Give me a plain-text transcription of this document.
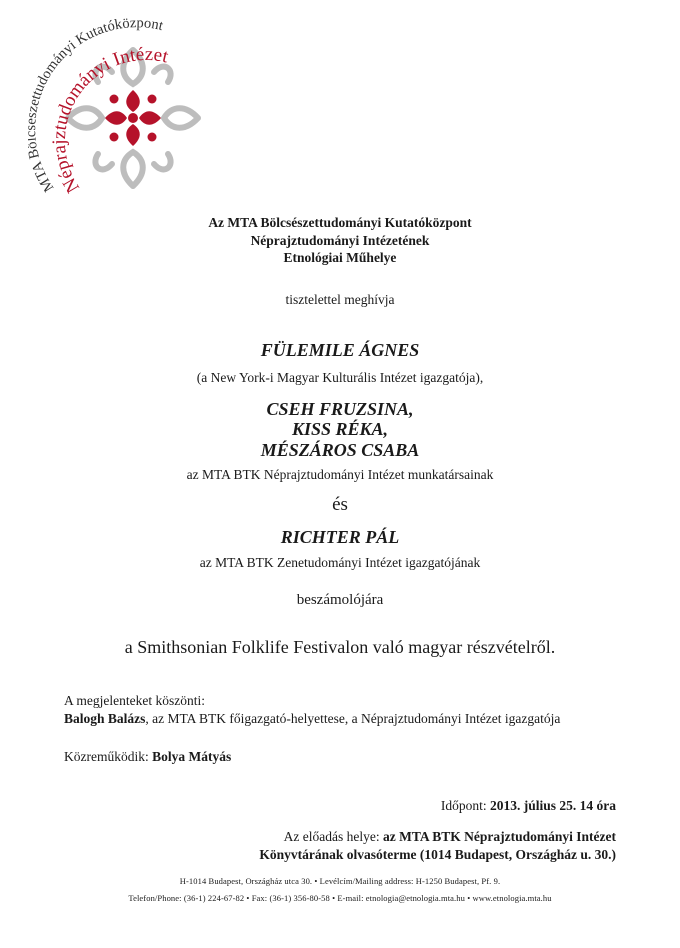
MTA ttudományi Kutatóközpont
Néprajztudományi Intézet
Az MTA Bölcsészettudományi Kutatóközpont
Néprajztudományi Intézetének
Etnológiai Műhelye
tisztelettel meghívja
FÜLEMILE ÁGNES
(a New York-i Magyar Kulturális Intézet igazgatója),
CSEH FRUZSINA,
KISS RÉKA,
MÉSZÁROS CSABA
az MTA BTK Néprajztudományi Intézet munkatársainak
és
RICHTER PÁL
az MTA BTK Zenetudományi Intézet igazgatójának
beszámolójára
a Smithsonian Folklife Festivalon való magyar részvételről.
A megjelenteket köszönti:
Balogh Balázs, az MTA BTK főigazgató-helyettese, a Néprajztudományi Intézet igazgatója
Közreműködik: Bolya Mátyás
Időpont: 2013. július 25. 14 óra
Az előadás helye: az MTA BTK Néprajztudományi Intézet
Könyvtárának olvasóterme (1014 Budapest, Országház u. 30.)
H-1014 Budapest, Országház utca 30. • Levélcím/Mailing address: H-1250 Budapest, Pf. 9.
Telefon/Phone: (36-1) 224-67-82 • Fax: (36-1) 356-80-58 • E-mail: etnologia@etnologia.mta.hu • www.etnologia.mta.hu
